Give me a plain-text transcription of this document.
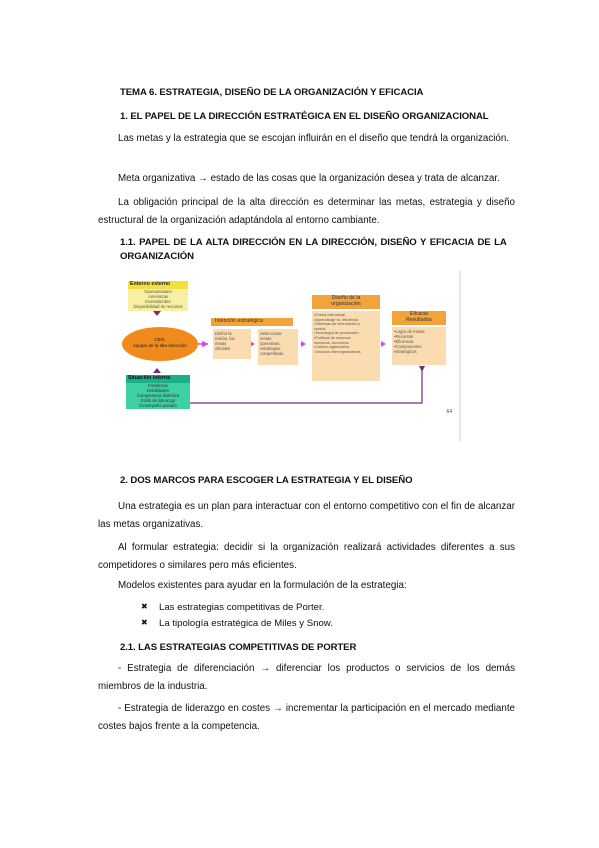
TEMA 6. ESTRATEGIA, DISEÑO DE LA ORGANIZACIÓN Y EFICACIA
1. EL PAPEL DE LA DIRECCIÓN ESTRATÉGICA EN EL DISEÑO ORGANIZACIONAL
Las metas y la estrategia que se escojan influirán en el diseño que tendrá la organización.
Meta organizativa → estado de las cosas que la organización desea y trata de alcanzar.
La obligación principal de la alta dirección es determinar las metas, estrategia y diseño estructural de la organización adaptándola al entorno cambiante.
1.1. PAPEL DE LA ALTA DIRECCIÓN EN LA DIRECCIÓN, DISEÑO Y EFICACIA DE LA ORGANIZACIÓN
64
Entorno externo
Oportunidades
Amenazas
Incertidumbre
Disponibilidad de recursos
CEO,
equipo de la alta dirección
Situación interna
Fortalezas
Debilidades
Competencia distintiva
Estilo de liderazgo
Desempeño pasado
Intención estratégica
Definir la
misión, las
metas
oficiales
Seleccionar
metas
operativas,
estrategias
competitivas
Diseño de la
organización
•Forma estructural
•Aprendizaje vs. eficiencia
•Sistemas de información y
control
•Tecnología de producción
•Políticas de recursos
humanos, incentivos
•Cultura organizativa
•Vínculos interorganizativos
Eficacia
Resultados
•Logro de metas
•Recursos
•Eficiencia
•Componentes
estratégicos
2. DOS MARCOS PARA ESCOGER LA ESTRATEGIA Y EL DISEÑO
Una estrategia es un plan para interactuar con el entorno competitivo con el fin de alcanzar las metas organizativas.
Al formular estrategia: decidir si la organización realizará actividades diferentes a sus competidores o similares pero más eficientes.
Modelos existentes para ayudar en la formulación de la estrategia:
✖ Las estrategias competitivas de Porter.
✖ La tipología estratégica de Miles y Snow.
2.1. LAS ESTRATEGIAS COMPETITIVAS DE PORTER
- Estrategia de diferenciación → diferenciar los productos o servicios de los demás miembros de la industria.
- Estrategia de liderazgo en costes → incrementar la participación en el mercado mediante costes bajos frente a la competencia.
